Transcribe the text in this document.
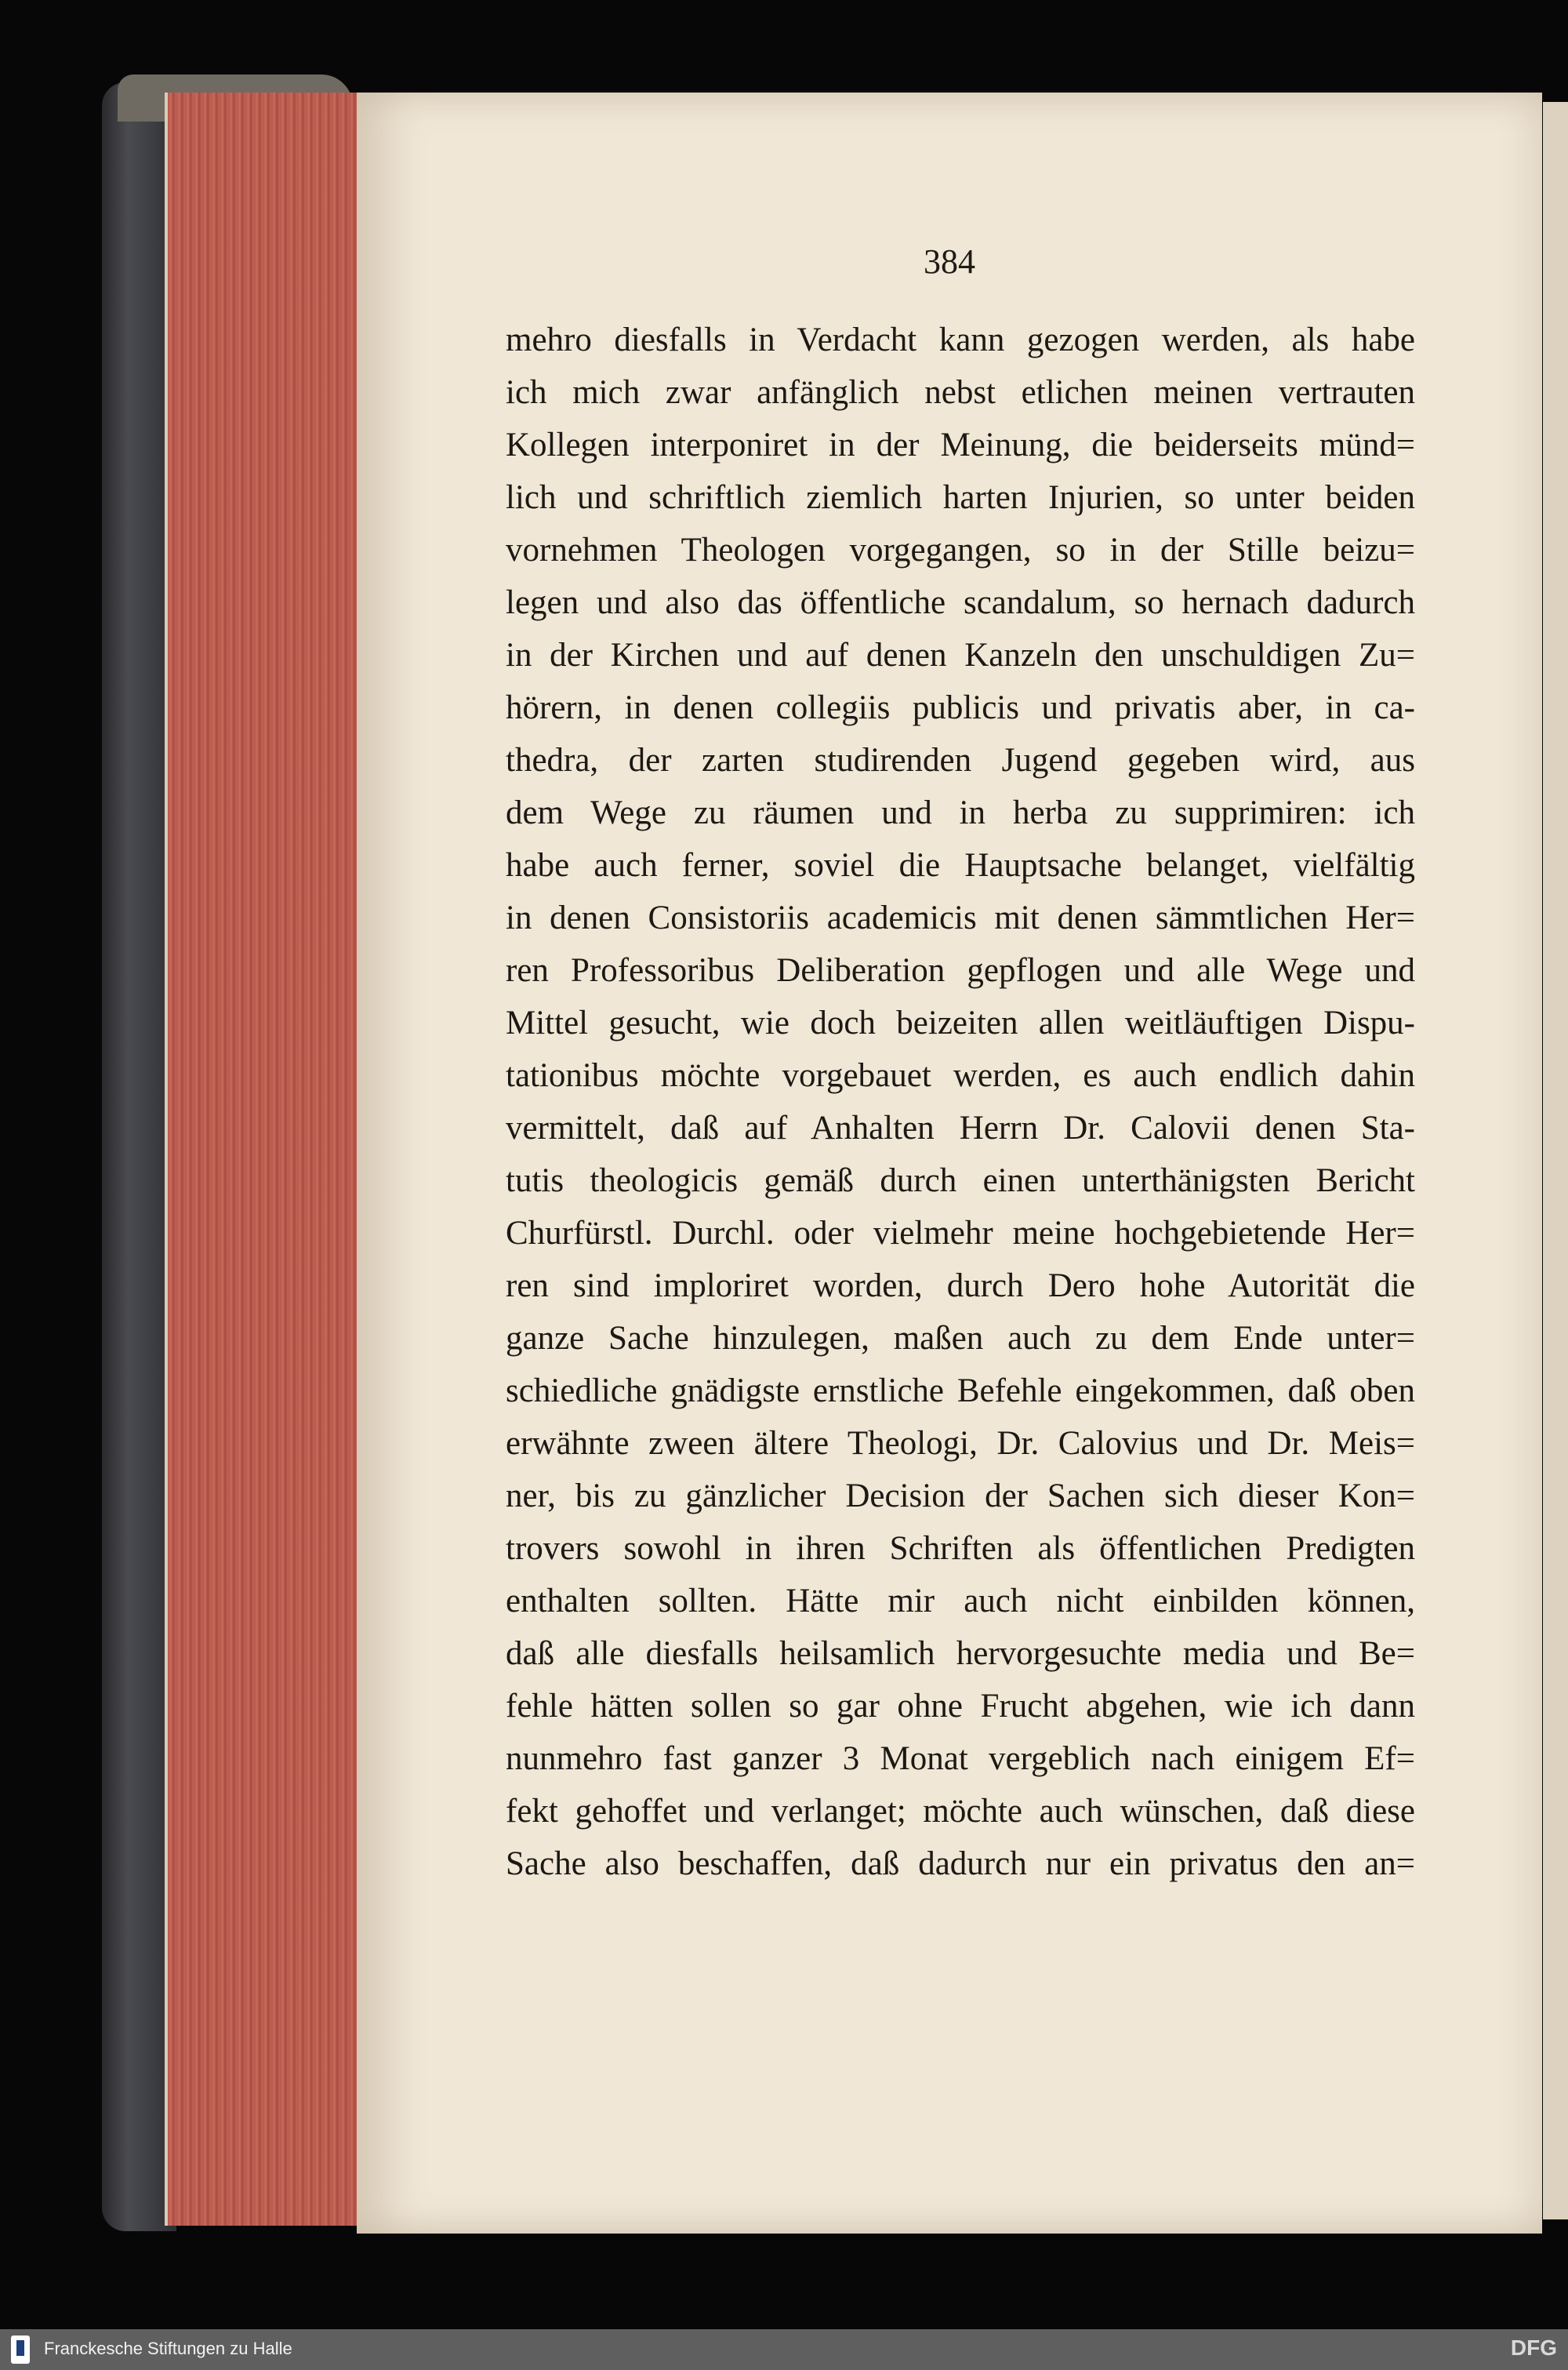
384
mehro diesfalls in Verdacht kann gezogen werden, als habe
ich mich zwar anfänglich nebst etlichen meinen vertrauten
Kollegen interponiret in der Meinung, die beiderseits münd=
lich und schriftlich ziemlich harten Injurien, so unter beiden
vornehmen Theologen vorgegangen, so in der Stille beizu=
legen und also das öffentliche scandalum, so hernach dadurch
in der Kirchen und auf denen Kanzeln den unschuldigen Zu=
hörern, in denen collegiis publicis und privatis aber, in ca-
thedra, der zarten studirenden Jugend gegeben wird, aus
dem Wege zu räumen und in herba zu supprimiren: ich
habe auch ferner, soviel die Hauptsache belanget, vielfältig
in denen Consistoriis academicis mit denen sämmtlichen Her=
ren Professoribus Deliberation gepflogen und alle Wege und
Mittel gesucht, wie doch beizeiten allen weitläuftigen Dispu-
tationibus möchte vorgebauet werden, es auch endlich dahin
vermittelt, daß auf Anhalten Herrn Dr. Calovii denen Sta-
tutis theologicis gemäß durch einen unterthänigsten Bericht
Churfürstl. Durchl. oder vielmehr meine hochgebietende Her=
ren sind imploriret worden, durch Dero hohe Autorität die
ganze Sache hinzulegen, maßen auch zu dem Ende unter=
schiedliche gnädigste ernstliche Befehle eingekommen, daß oben
erwähnte zween ältere Theologi, Dr. Calovius und Dr. Meis=
ner, bis zu gänzlicher Decision der Sachen sich dieser Kon=
trovers sowohl in ihren Schriften als öffentlichen Predigten
enthalten sollten. Hätte mir auch nicht einbilden können,
daß alle diesfalls heilsamlich hervorgesuchte media und Be=
fehle hätten sollen so gar ohne Frucht abgehen, wie ich dann
nunmehro fast ganzer 3 Monat vergeblich nach einigem Ef=
fekt gehoffet und verlanget; möchte auch wünschen, daß diese
Sache also beschaffen, daß dadurch nur ein privatus den an=
Franckesche Stiftungen zu Halle	DFG
